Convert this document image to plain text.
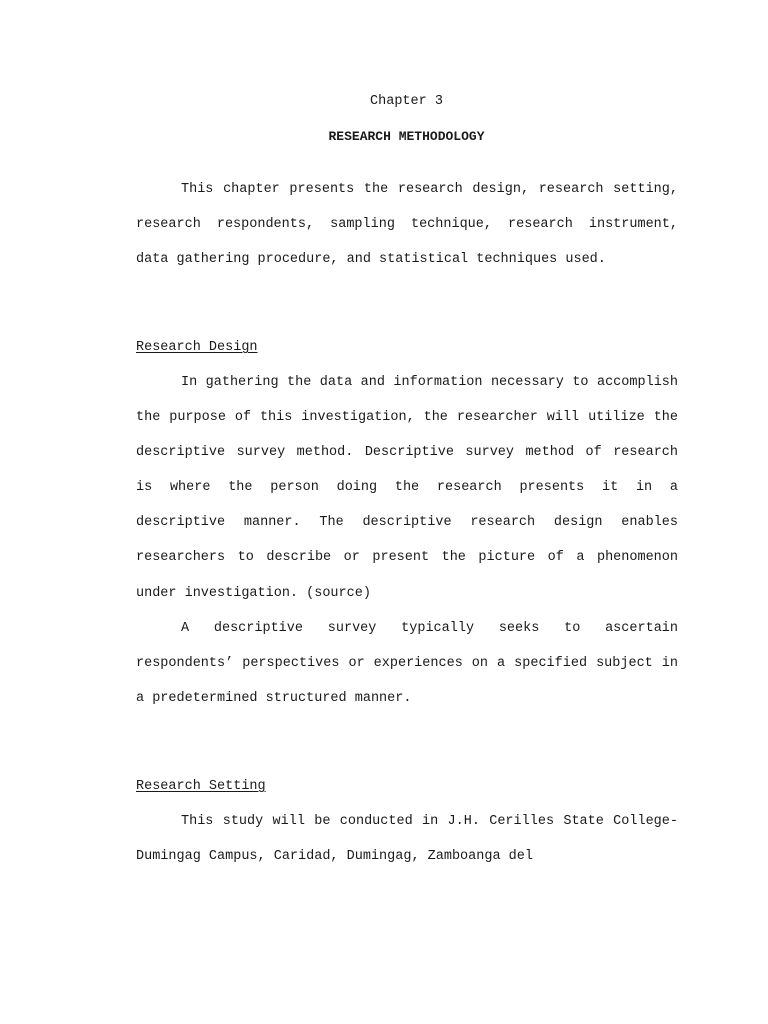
Chapter 3
RESEARCH METHODOLOGY

This chapter presents the research design, research setting, research respondents, sampling technique, research instrument, data gathering procedure, and statistical techniques used.

Research Design

In gathering the data and information necessary to accomplish the purpose of this investigation, the researcher will utilize the descriptive survey method. Descriptive survey method of research is where the person doing the research presents it in a descriptive manner. The descriptive research design enables researchers to describe or present the picture of a phenomenon under investigation. (source)

A descriptive survey typically seeks to ascertain respondents’ perspectives or experiences on a specified subject in a predetermined structured manner.

Research Setting

This study will be conducted in J.H. Cerilles State College-Dumingag Campus, Caridad, Dumingag, Zamboanga del
